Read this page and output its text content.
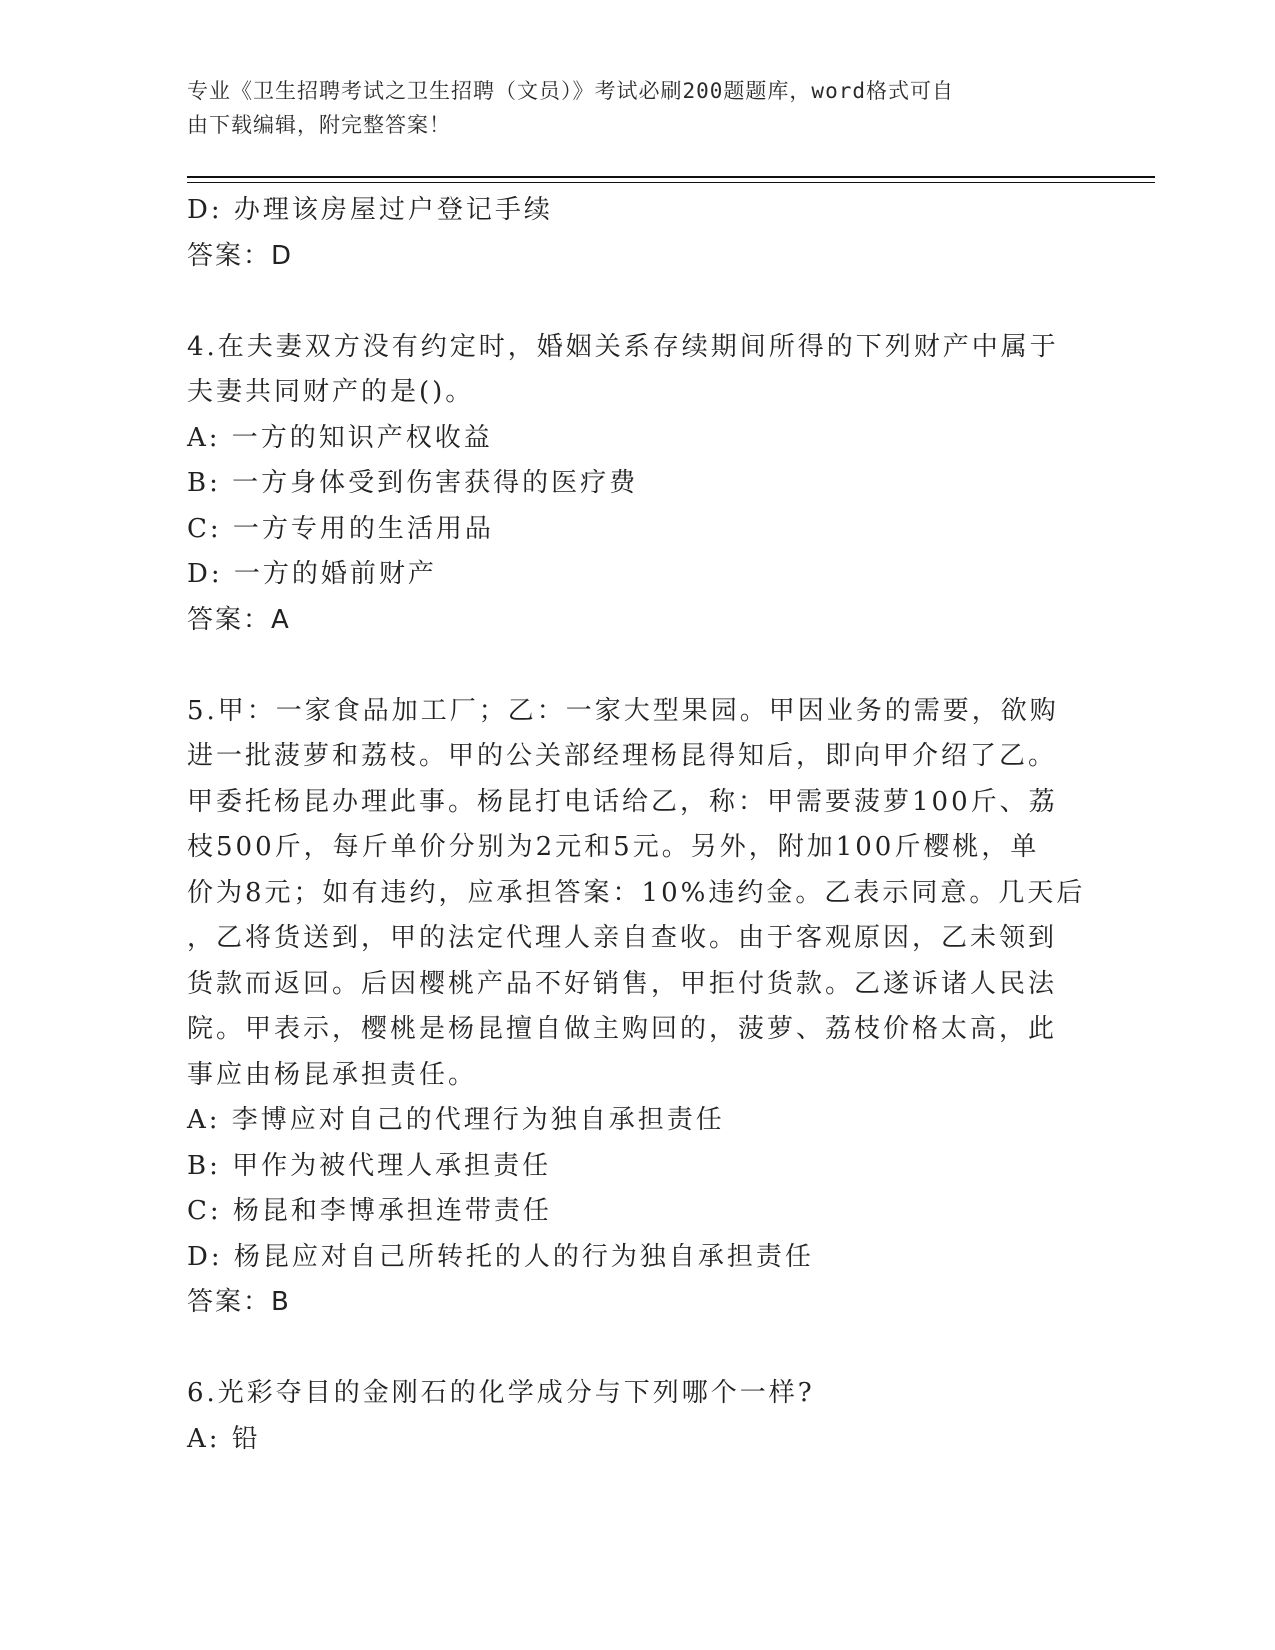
专业《卫生招聘考试之卫生招聘（文员）》考试必刷200题题库，word格式可自
由下载编辑，附完整答案！
D: 办理该房屋过户登记手续
答案：D
4.在夫妻双方没有约定时，婚姻关系存续期间所得的下列财产中属于
夫妻共同财产的是()。
A: 一方的知识产权收益
B: 一方身体受到伤害获得的医疗费
C: 一方专用的生活用品
D: 一方的婚前财产
答案：A
5.甲：一家食品加工厂；乙：一家大型果园。甲因业务的需要，欲购
进一批菠萝和荔枝。甲的公关部经理杨昆得知后，即向甲介绍了乙。
甲委托杨昆办理此事。杨昆打电话给乙，称：甲需要菠萝100斤、荔
枝500斤，每斤单价分别为2元和5元。另外，附加100斤樱桃，单
价为8元；如有违约，应承担答案：10%违约金。乙表示同意。几天后
，乙将货送到，甲的法定代理人亲自查收。由于客观原因，乙未领到
货款而返回。后因樱桃产品不好销售，甲拒付货款。乙遂诉诸人民法
院。甲表示，樱桃是杨昆擅自做主购回的，菠萝、荔枝价格太高，此
事应由杨昆承担责任。
A: 李博应对自己的代理行为独自承担责任
B: 甲作为被代理人承担责任
C: 杨昆和李博承担连带责任
D: 杨昆应对自己所转托的人的行为独自承担责任
答案：B
6.光彩夺目的金刚石的化学成分与下列哪个一样?
A: 铅
